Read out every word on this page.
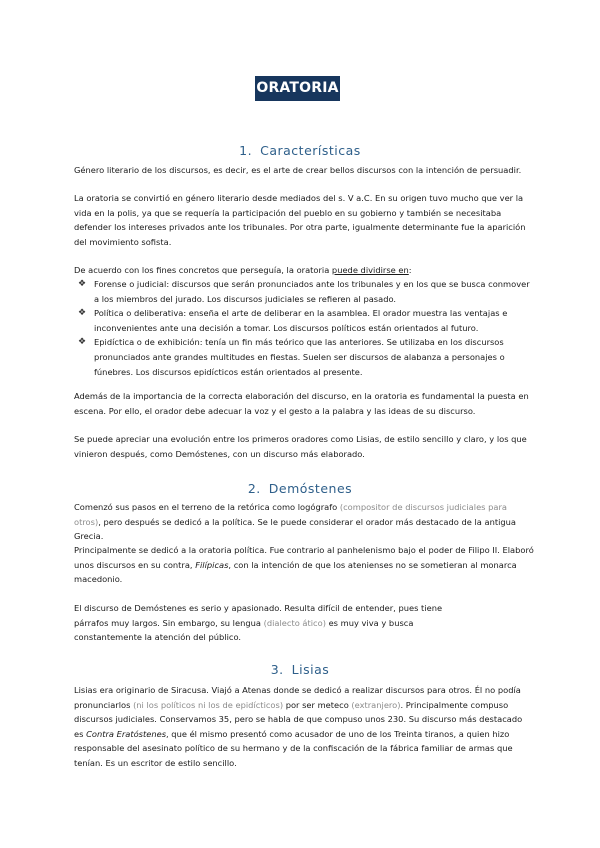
ORATORIA
1. Características

Género literario de los discursos, es decir, es el arte de crear bellos discursos con la intención de persuadir.

La oratoria se convirtió en género literario desde mediados del s. V a.C. En su origen tuvo mucho que ver la vida en la polis, ya que se requería la participación del pueblo en su gobierno y también se necesitaba defender los intereses privados ante los tribunales. Por otra parte, igualmente determinante fue la aparición del movimiento sofista.

De acuerdo con los fines concretos que perseguía, la oratoria puede dividirse en:

❖ Forense o judicial: discursos que serán pronunciados ante los tribunales y en los que se busca conmover a los miembros del jurado. Los discursos judiciales se refieren al pasado.
❖ Política o deliberativa: enseña el arte de deliberar en la asamblea. El orador muestra las ventajas e inconvenientes ante una decisión a tomar. Los discursos políticos están orientados al futuro.
❖ Epidíctica o de exhibición: tenía un fin más teórico que las anteriores. Se utilizaba en los discursos pronunciados ante grandes multitudes en fiestas. Suelen ser discursos de alabanza a personajes o fúnebres. Los discursos epidícticos están orientados al presente.

Además de la importancia de la correcta elaboración del discurso, en la oratoria es fundamental la puesta en escena. Por ello, el orador debe adecuar la voz y el gesto a la palabra y las ideas de su discurso.

Se puede apreciar una evolución entre los primeros oradores como Lisias, de estilo sencillo y claro, y los que vinieron después, como Demóstenes, con un discurso más elaborado.

2. Demóstenes

Comenzó sus pasos en el terreno de la retórica como logógrafo (compositor de discursos judiciales para otros), pero después se dedicó a la política. Se le puede considerar el orador más destacado de la antigua Grecia.

Principalmente se dedicó a la oratoria política. Fue contrario al panhelenismo bajo el poder de Filipo II. Elaboró unos discursos en su contra, Filípicas, con la intención de que los atenienses no se sometieran al monarca macedonio.

El discurso de Demóstenes es serio y apasionado. Resulta difícil de entender, pues tiene párrafos muy largos. Sin embargo, su lengua (dialecto ático) es muy viva y busca constantemente la atención del público.

3. Lisias

Lisias era originario de Siracusa. Viajó a Atenas donde se dedicó a realizar discursos para otros. Él no podía pronunciarlos (ni los políticos ni los de epidícticos) por ser meteco (extranjero). Principalmente compuso discursos judiciales. Conservamos 35, pero se habla de que compuso unos 230. Su discurso más destacado es Contra Eratóstenes, que él mismo presentó como acusador de uno de los Treinta tiranos, a quien hizo responsable del asesinato político de su hermano y de la confiscación de la fábrica familiar de armas que tenían. Es un escritor de estilo sencillo.
